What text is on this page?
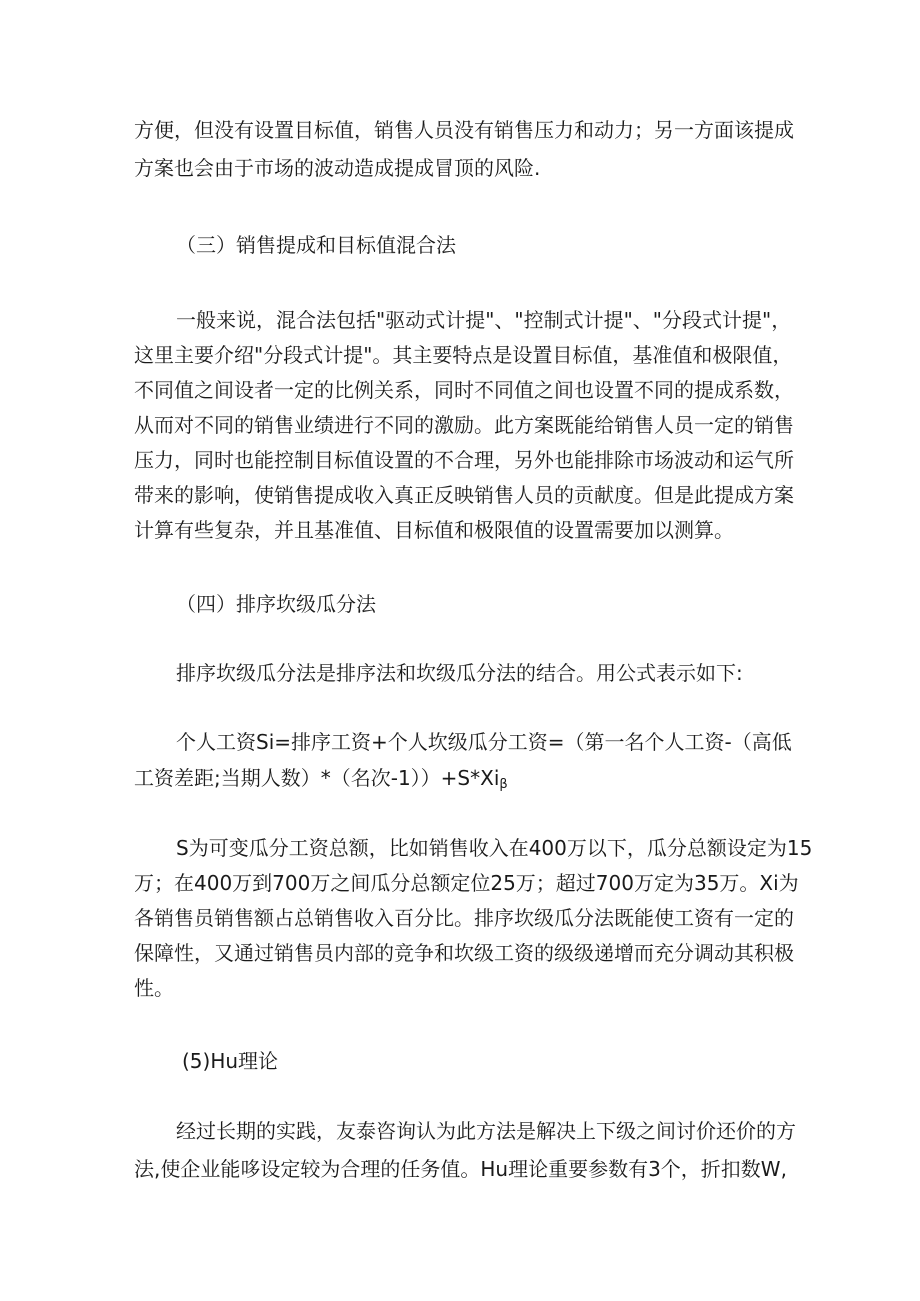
方便，但没有设置目标值，销售人员没有销售压力和动力；另一方面该提成
方案也会由于市场的波动造成提成冒顶的风险.
（三）销售提成和目标值混合法
一般来说，混合法包括"驱动式计提"、"控制式计提"、"分段式计提"，
这里主要介绍"分段式计提"。其主要特点是设置目标值，基准值和极限值，
不同值之间设者一定的比例关系，同时不同值之间也设置不同的提成系数，
从而对不同的销售业绩进行不同的激励。此方案既能给销售人员一定的销售
压力，同时也能控制目标值设置的不合理，另外也能排除市场波动和运气所
带来的影响，使销售提成收入真正反映销售人员的贡献度。但是此提成方案
计算有些复杂，并且基准值、目标值和极限值的设置需要加以测算。
（四）排序坎级瓜分法
排序坎级瓜分法是排序法和坎级瓜分法的结合。用公式表示如下:
个人工资Si=排序工资+个人坎级瓜分工资=（第一名个人工资-（高低
工资差距;当期人数）*（名次$-1))+S*Xi_\beta$
S为可变瓜分工资总额，比如销售收入在400万以下，瓜分总额设定为15
万；在400万到700万之间瓜分总额定位25万；超过700万定为35万。Xi为
各销售员销售额占总销售收入百分比。排序坎级瓜分法既能使工资有一定的
保障性，又通过销售员内部的竞争和坎级工资的级级递增而充分调动其积极
性。
(5)Hu理论
经过长期的实践，友泰咨询认为此方法是解决上下级之间讨价还价的方
法,使企业能哆设定较为合理的任务值。Hu理论重要参数有3个，折扣数W,
